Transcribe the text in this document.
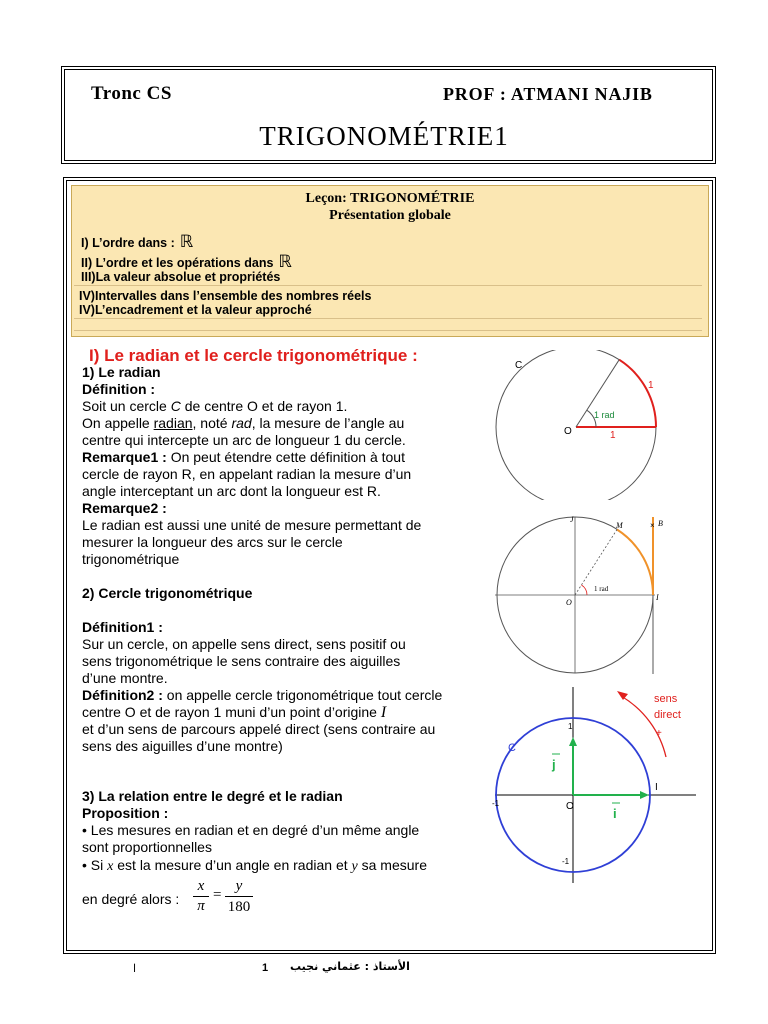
Tronc CS	PROF : ATMANI NAJIB
TRIGONOMÉTRIE1
Leçon: TRIGONOMÉTRIE
Présentation globale
I) L’ordre dans : ℝ
II) L’ordre et les opérations dans ℝ
III)La valeur absolue et propriétés
IV)Intervalles dans l’ensemble des nombres réels
IV)L’encadrement et la valeur approché
I) Le radian et le cercle trigonométrique :
1) Le radian
Définition :
Soit un cercle C de centre O et de rayon 1.
On appelle radian, noté rad, la mesure de l’angle au
centre qui intercepte un arc de longueur 1 du cercle.
Remarque1 : On peut étendre cette définition à tout
cercle de rayon R, en appelant radian la mesure d’un
angle interceptant un arc dont la longueur est R.
Remarque2 :
Le radian est aussi une unité de mesure permettant de
mesurer la longueur des arcs sur le cercle
trigonométrique
2) Cercle trigonométrique
Définition1 :
Sur un cercle, on appelle sens direct, sens positif ou
sens trigonométrique le sens contraire des aiguilles
d’une montre.
Définition2 : on appelle cercle trigonométrique tout cercle
centre O et de rayon 1 muni d’un point d’origine I
et d’un sens de parcours appelé direct (sens contraire au
sens des aiguilles d’une montre)
3) La relation entre le degré et le radian
Proposition :
• Les mesures en radian et en degré d’un même angle
sont proportionnelles
• Si x est la mesure d’un angle en radian et y sa mesure
en degré alors :
x
π
=
y
180
C
O
1
1
1 rad
J
M	B
O
I
1 rad
×
sens
direct
+
C
O
I
1
-1
-1
j
i
ا	1 الأستاذ : عثماني نجيب
